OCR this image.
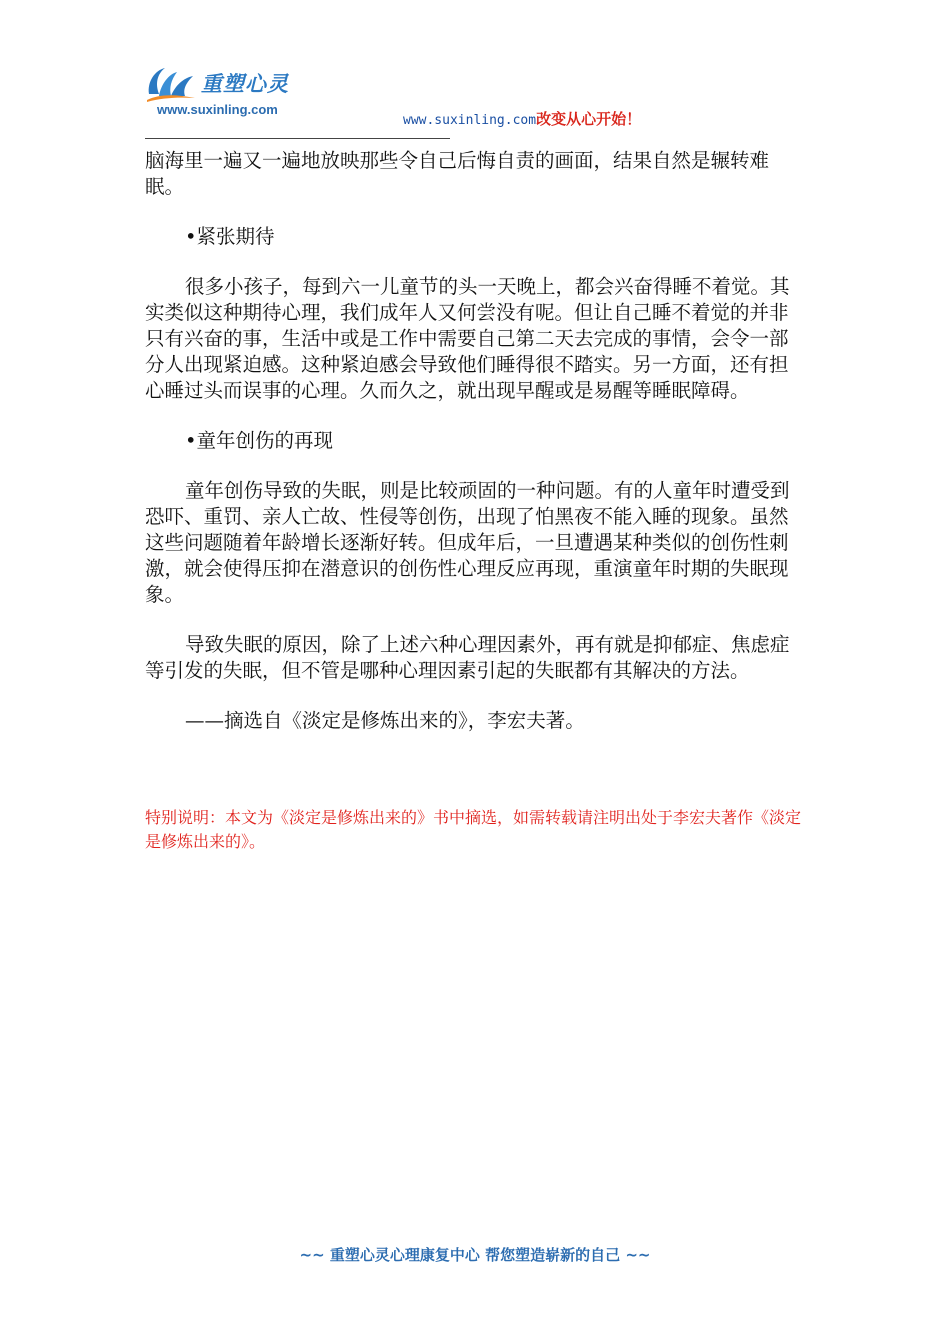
重塑心灵
www.suxinling.com
www.suxinling.com改变从心开始！

脑海里一遍又一遍地放映那些令自己后悔自责的画面，结果自然是辗转难眠。

•紧张期待

很多小孩子，每到六一儿童节的头一天晚上，都会兴奋得睡不着觉。其实类似这种期待心理，我们成年人又何尝没有呢。但让自己睡不着觉的并非只有兴奋的事，生活中或是工作中需要自己第二天去完成的事情，会令一部分人出现紧迫感。这种紧迫感会导致他们睡得很不踏实。另一方面，还有担心睡过头而误事的心理。久而久之，就出现早醒或是易醒等睡眠障碍。

•童年创伤的再现

童年创伤导致的失眠，则是比较顽固的一种问题。有的人童年时遭受到恐吓、重罚、亲人亡故、性侵等创伤，出现了怕黑夜不能入睡的现象。虽然这些问题随着年龄增长逐渐好转。但成年后，一旦遭遇某种类似的创伤性刺激，就会使得压抑在潜意识的创伤性心理反应再现，重演童年时期的失眠现象。

导致失眠的原因，除了上述六种心理因素外，再有就是抑郁症、焦虑症等引发的失眠，但不管是哪种心理因素引起的失眠都有其解决的方法。

——摘选自《淡定是修炼出来的》，李宏夫著。

特别说明：本文为《淡定是修炼出来的》书中摘选，如需转载请注明出处于李宏夫著作《淡定是修炼出来的》。

~~ 重塑心灵心理康复中心 帮您塑造崭新的自己 ~~
